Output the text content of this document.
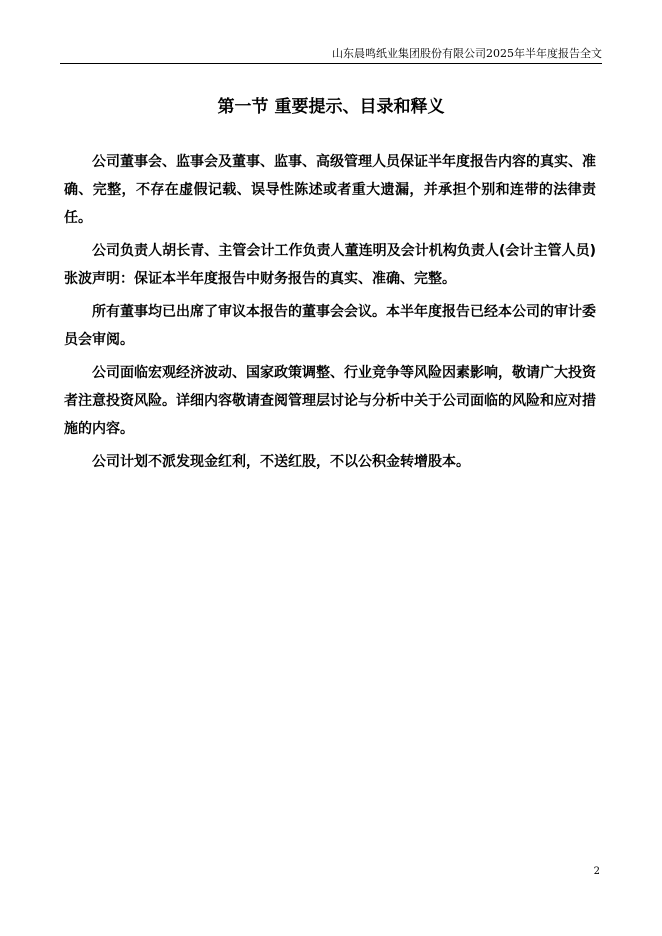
山东晨鸣纸业集团股份有限公司2025年半年度报告全文
第一节 重要提示、目录和释义

公司董事会、监事会及董事、监事、高级管理人员保证半年度报告内容的真实、准确、完整，不存在虚假记载、误导性陈述或者重大遗漏，并承担个别和连带的法律责任。

公司负责人胡长青、主管会计工作负责人董连明及会计机构负责人(会计主管人员)张波声明：保证本半年度报告中财务报告的真实、准确、完整。

所有董事均已出席了审议本报告的董事会会议。本半年度报告已经本公司的审计委员会审阅。

公司面临宏观经济波动、国家政策调整、行业竞争等风险因素影响，敬请广大投资者注意投资风险。详细内容敬请查阅管理层讨论与分析中关于公司面临的风险和应对措施的内容。

公司计划不派发现金红利，不送红股，不以公积金转增股本。

2
